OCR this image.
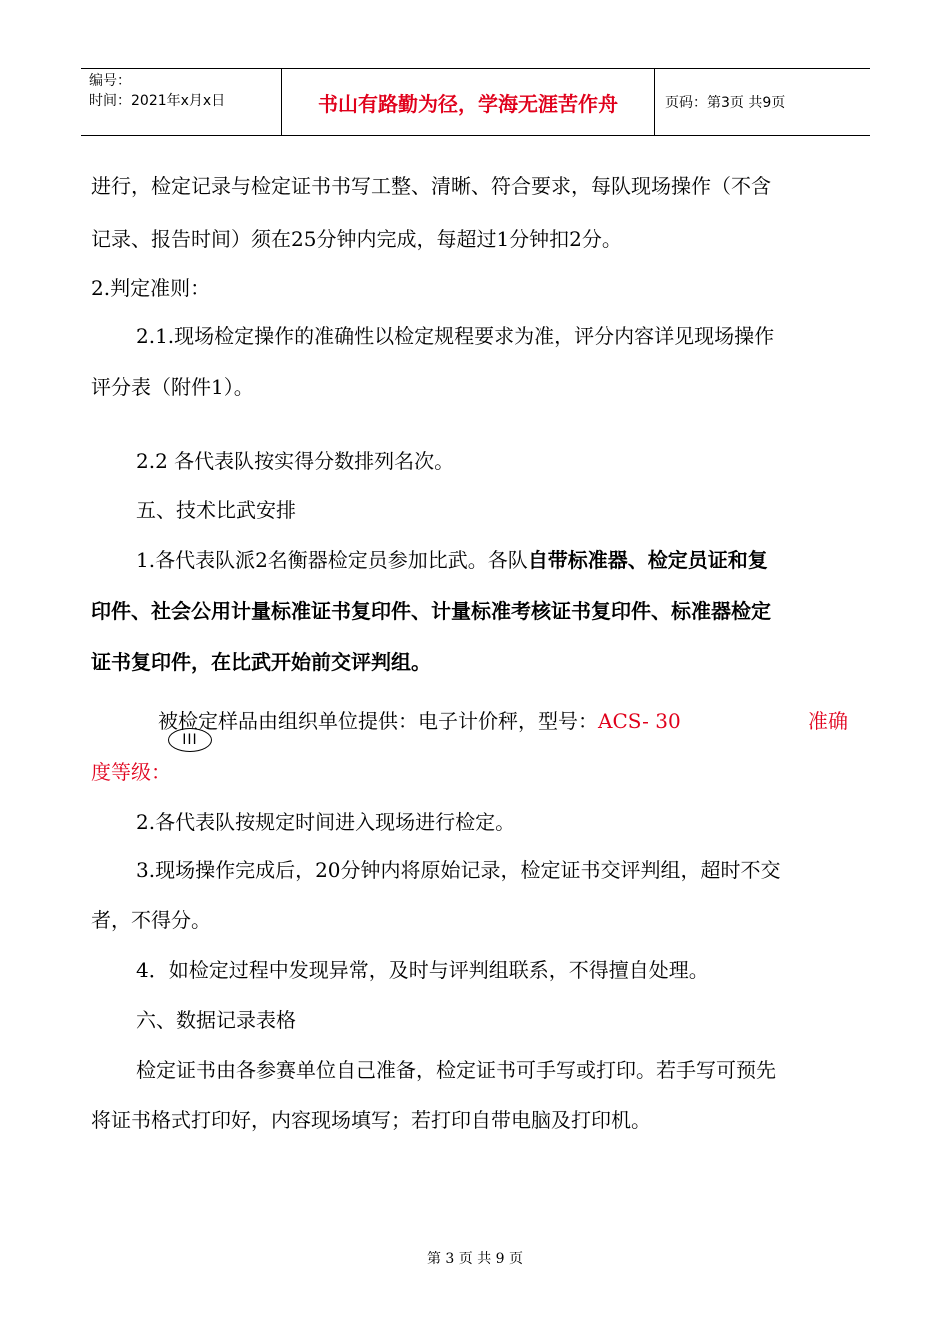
编号：
时间：2021年x月x日	书山有路勤为径，学海无涯苦作舟	页码：第3页 共9页
进行，检定记录与检定证书书写工整、清晰、符合要求，每队现场操作（不含
记录、报告时间）须在25分钟内完成，每超过1分钟扣2分。
2.判定准则：
2.1.现场检定操作的准确性以检定规程要求为准，评分内容详见现场操作
评分表（附件1）。
2.2 各代表队按实得分数排列名次。
五、技术比武安排
1.各代表队派2名衡器检定员参加比武。各队自带标准器、检定员证和复
印件、社会公用计量标准证书复印件、计量标准考核证书复印件、标准器检定
证书复印件，在比武开始前交评判组。
被检定样品由组织单位提供：电子计价秤，型号：ACS- 30	准确
III
度等级：
2.各代表队按规定时间进入现场进行检定。
3.现场操作完成后，20分钟内将原始记录，检定证书交评判组，超时不交
者，不得分。
4．如检定过程中发现异常，及时与评判组联系，不得擅自处理。
六、数据记录表格
检定证书由各参赛单位自己准备，检定证书可手写或打印。若手写可预先
将证书格式打印好，内容现场填写；若打印自带电脑及打印机。
第 3 页 共 9 页
